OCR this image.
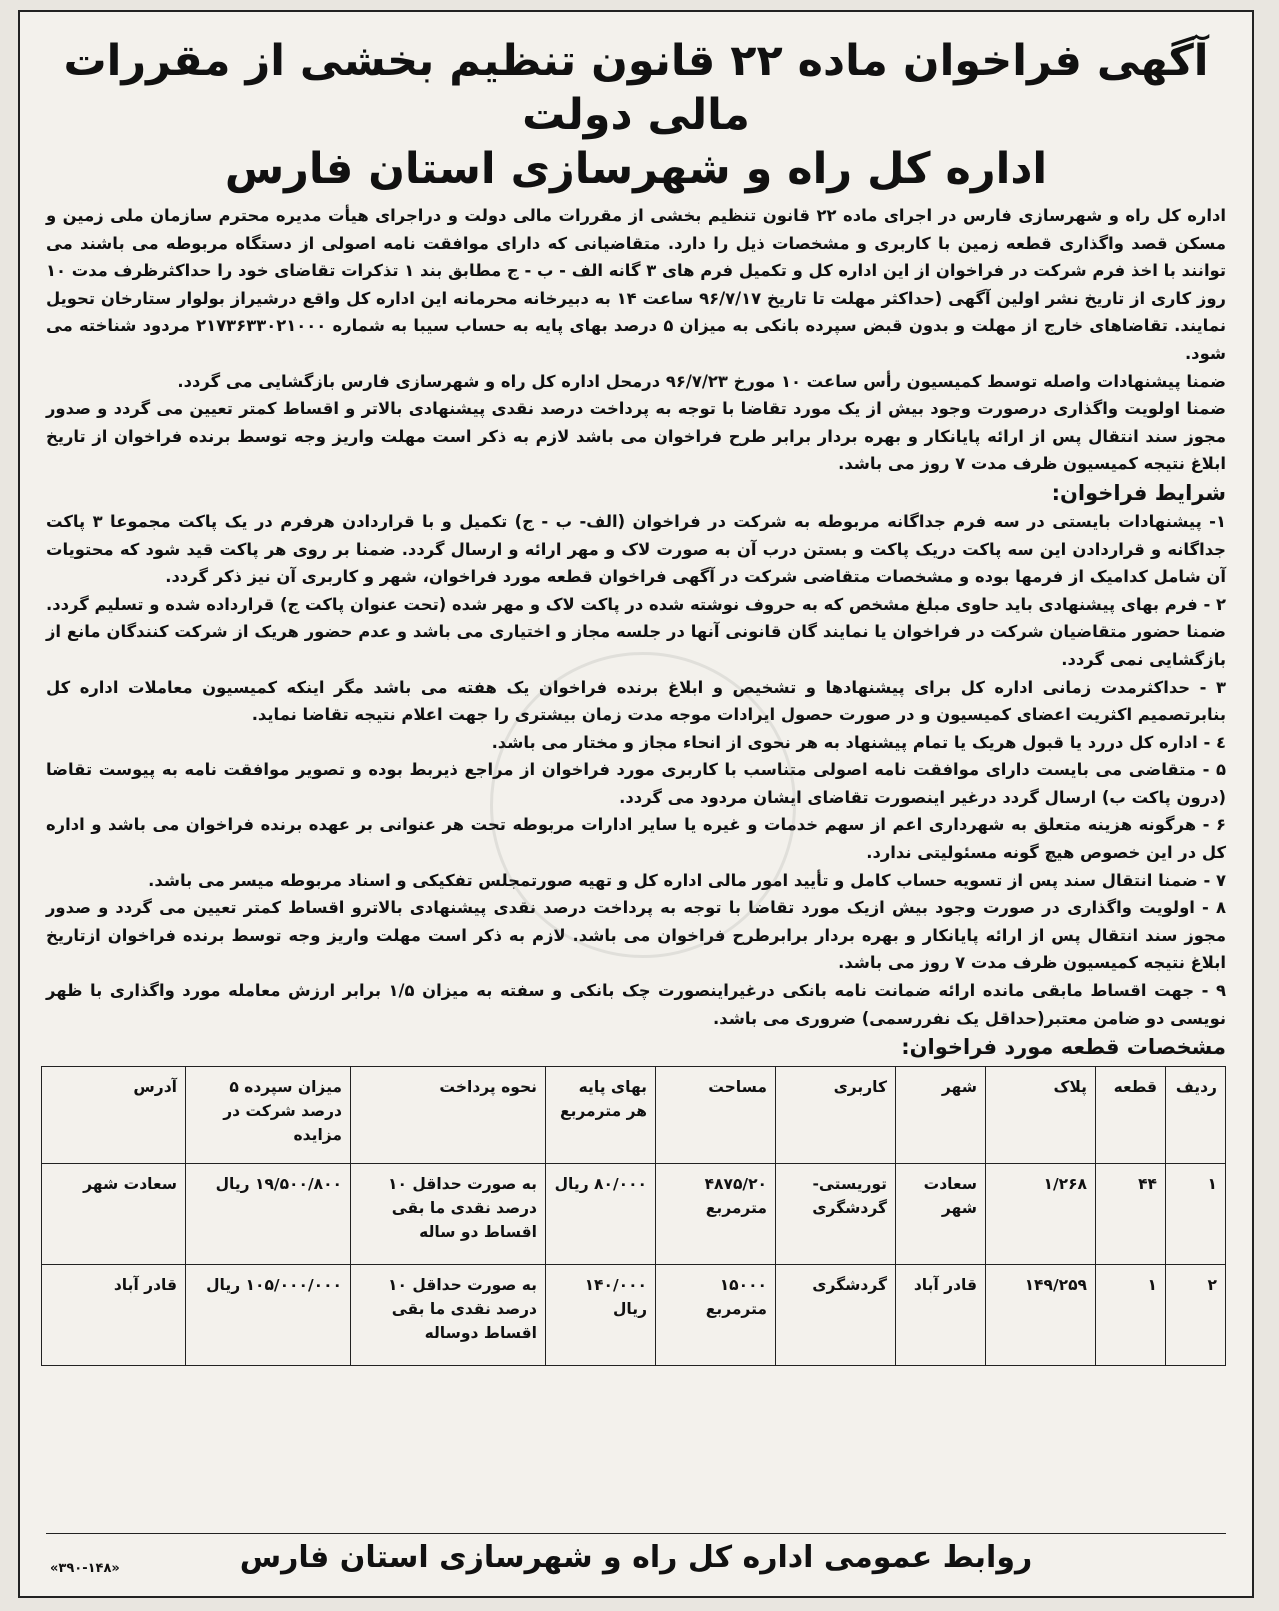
آگهی فراخوان ماده ۲۲ قانون تنظیم بخشی از مقررات مالی دولت
اداره کل راه و شهرسازی استان فارس

اداره کل راه و شهرسازی فارس در اجرای ماده ۲۲ قانون تنظیم بخشی از مقررات مالی دولت و دراجرای هیأت مدیره محترم سازمان ملی زمین و مسکن قصد واگذاری قطعه زمین با کاربری و مشخصات ذیل را دارد. متقاضیانی که دارای موافقت نامه اصولی از دستگاه مربوطه می باشند می توانند با اخذ فرم شرکت در فراخوان از این اداره کل و تکمیل فرم های ۳ گانه الف - ب - ج مطابق بند ۱ تذکرات تقاضای خود را حداکثرظرف مدت ۱۰ روز کاری از تاریخ نشر اولین آگهی (حداکثر مهلت تا تاریخ ۹۶/۷/۱۷ ساعت ۱۴ به دبیرخانه محرمانه این اداره کل واقع درشیراز بولوار ستارخان تحویل نمایند. تقاضاهای خارج از مهلت و بدون قبض سپرده بانکی به میزان ۵ درصد بهای پایه به حساب سیبا به شماره ۲۱۷۳۶۳۳۰۲۱۰۰۰ مردود شناخته می شود.

ضمنا پیشنهادات واصله توسط کمیسیون رأس ساعت ۱۰ مورخ ۹۶/۷/۲۳ درمحل اداره کل راه و شهرسازی فارس بازگشایی می گردد.

ضمنا اولویت واگذاری درصورت وجود بیش از یک مورد تقاضا با توجه به پرداخت درصد نقدی پیشنهادی بالاتر و اقساط کمتر تعیین می گردد و صدور مجوز سند انتقال پس از ارائه پایانکار و بهره بردار برابر طرح فراخوان می باشد لازم به ذکر است مهلت واریز وجه توسط برنده فراخوان از تاریخ ابلاغ نتیجه کمیسیون ظرف مدت ۷ روز می باشد.

شرایط فراخوان:

۱- پیشنهادات بایستی در سه فرم جداگانه مربوطه به شرکت در فراخوان (الف- ب - ج) تکمیل و با قراردادن هرفرم در یک پاکت مجموعا ۳ پاکت جداگانه و قراردادن این سه پاکت دریک پاکت و بستن درب آن به صورت لاک و مهر ارائه و ارسال گردد. ضمنا بر روی هر پاکت قید شود که محتویات آن شامل کدامیک از فرمها بوده و مشخصات متقاضی شرکت در آگهی فراخوان قطعه مورد فراخوان، شهر و کاربری آن نیز ذکر گردد.

۲ - فرم بهای پیشنهادی باید حاوی مبلغ مشخص که به حروف نوشته شده در پاکت لاک و مهر شده (تحت عنوان پاکت ج) قرارداده شده و تسلیم گردد. ضمنا حضور متقاضیان شرکت در فراخوان یا نمایند گان قانونی آنها در جلسه مجاز و اختیاری می باشد و عدم حضور هریک از شرکت کنندگان مانع از بازگشایی نمی گردد.

۳ - حداکثرمدت زمانی اداره کل برای پیشنهادها و تشخیص و ابلاغ برنده فراخوان یک هفته می باشد مگر اینکه کمیسیون معاملات اداره کل بنابرتصمیم اکثریت اعضای کمیسیون و در صورت حصول ایرادات موجه مدت زمان بیشتری را جهت اعلام نتیجه تقاضا نماید.

٤ - اداره کل دررد یا قبول هریک یا تمام پیشنهاد به هر نحوی از انحاء مجاز و مختار می باشد.

۵ - متقاضی می بایست دارای موافقت نامه اصولی متناسب با کاربری مورد فراخوان از مراجع ذیربط بوده و تصویر موافقت نامه به پیوست تقاضا (درون پاکت ب) ارسال گردد درغیر اینصورت تقاضای ایشان مردود می گردد.

۶ - هرگونه هزینه متعلق به شهرداری اعم از سهم خدمات و غیره یا سایر ادارات مربوطه تحت هر عنوانی بر عهده برنده فراخوان می باشد و اداره کل در این خصوص هیچ گونه مسئولیتی ندارد.

۷ - ضمنا انتقال سند پس از تسویه حساب کامل و تأیید امور مالی اداره کل و تهیه صورتمجلس تفکیکی و اسناد مربوطه میسر می باشد.

۸ - اولویت واگذاری در صورت وجود بیش ازیک مورد تقاضا با توجه به پرداخت درصد نقدی پیشنهادی بالاترو اقساط کمتر تعیین می گردد و صدور مجوز سند انتقال پس از ارائه پایانکار و بهره بردار برابرطرح فراخوان می باشد. لازم به ذکر است مهلت واریز وجه توسط برنده فراخوان ازتاریخ ابلاغ نتیجه کمیسیون ظرف مدت ۷ روز می باشد.

۹ - جهت اقساط مابقی مانده ارائه ضمانت نامه بانکی درغیراینصورت چک بانکی و سفته به میزان ۱/۵ برابر ارزش معامله مورد واگذاری با ظهر نویسی دو ضامن معتبر(حداقل یک نفررسمی) ضروری می باشد.

مشخصات قطعه مورد فراخوان:
ردیف	قطعه	پلاک	شهر	کاربری	مساحت	بهای پایه هر مترمربع	نحوه پرداخت	میزان سپرده ۵ درصد شرکت در مزایده	آدرس
۱	۴۴	۱/۲۶۸	سعادت شهر	توریستی- گردشگری	۴۸۷۵/۲۰ مترمربع	۸۰/۰۰۰ ریال	به صورت حداقل ۱۰ درصد نقدی ما بقی اقساط دو ساله	۱۹/۵۰۰/۸۰۰ ریال	سعادت شهر
۲	۱	۱۴۹/۲۵۹	قادر آباد	گردشگری	۱۵۰۰۰ مترمربع	۱۴۰/۰۰۰ ریال	به صورت حداقل ۱۰ درصد نقدی ما بقی اقساط دوساله	۱۰۵/۰۰۰/۰۰۰ ریال	قادر آباد
روابط عمومی اداره کل راه و شهرسازی استان فارس
«۳۹۰-۱۴۸»
